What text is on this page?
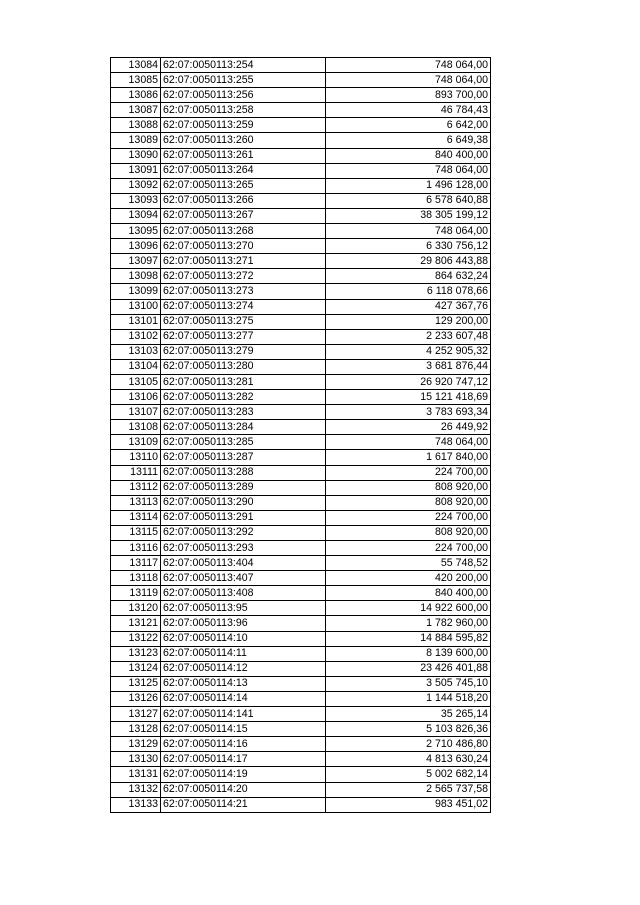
13084	62:07:0050113:254	748 064,00
13085	62:07:0050113:255	748 064,00
13086	62:07:0050113:256	893 700,00
13087	62:07:0050113:258	46 784,43
13088	62:07:0050113:259	6 642,00
13089	62:07:0050113:260	6 649,38
13090	62:07:0050113:261	840 400,00
13091	62:07:0050113:264	748 064,00
13092	62:07:0050113:265	1 496 128,00
13093	62:07:0050113:266	6 578 640,88
13094	62:07:0050113:267	38 305 199,12
13095	62:07:0050113:268	748 064,00
13096	62:07:0050113:270	6 330 756,12
13097	62:07:0050113:271	29 806 443,88
13098	62:07:0050113:272	864 632,24
13099	62:07:0050113:273	6 118 078,66
13100	62:07:0050113:274	427 367,76
13101	62:07:0050113:275	129 200,00
13102	62:07:0050113:277	2 233 607,48
13103	62:07:0050113:279	4 252 905,32
13104	62:07:0050113:280	3 681 876,44
13105	62:07:0050113:281	26 920 747,12
13106	62:07:0050113:282	15 121 418,69
13107	62:07:0050113:283	3 783 693,34
13108	62:07:0050113:284	26 449,92
13109	62:07:0050113:285	748 064,00
13110	62:07:0050113:287	1 617 840,00
13111	62:07:0050113:288	224 700,00
13112	62:07:0050113:289	808 920,00
13113	62:07:0050113:290	808 920,00
13114	62:07:0050113:291	224 700,00
13115	62:07:0050113:292	808 920,00
13116	62:07:0050113:293	224 700,00
13117	62:07:0050113:404	55 748,52
13118	62:07:0050113:407	420 200,00
13119	62:07:0050113:408	840 400,00
13120	62:07:0050113:95	14 922 600,00
13121	62:07:0050113:96	1 782 960,00
13122	62:07:0050114:10	14 884 595,82
13123	62:07:0050114:11	8 139 600,00
13124	62:07:0050114:12	23 426 401,88
13125	62:07:0050114:13	3 505 745,10
13126	62:07:0050114:14	1 144 518,20
13127	62:07:0050114:141	35 265,14
13128	62:07:0050114:15	5 103 826,36
13129	62:07:0050114:16	2 710 486,80
13130	62:07:0050114:17	4 813 630,24
13131	62:07:0050114:19	5 002 682,14
13132	62:07:0050114:20	2 565 737,58
13133	62:07:0050114:21	983 451,02
